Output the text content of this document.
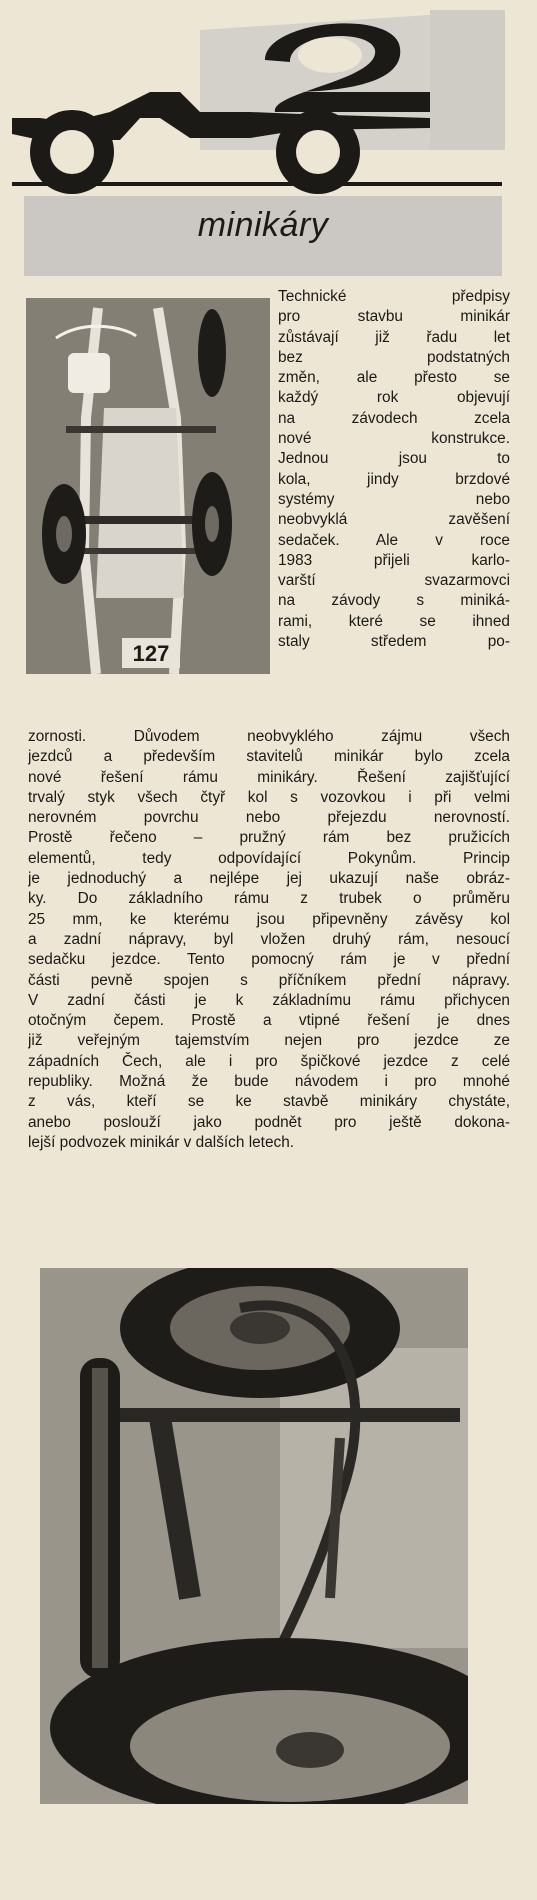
minikáry
127
Technické předpisy
pro stavbu minikár
zůstávají již řadu let
bez podstatných
změn, ale přesto se
každý rok objevují
na závodech zcela
nové konstrukce.
Jednou jsou to
kola, jindy brzdové
systémy nebo
neobvyklá zavěšení
sedaček. Ale v roce
1983 přijeli karlo-
varští svazarmovci
na závody s miniká-
rami, které se ihned
staly středem po-
zornosti. Důvodem neobvyklého zájmu všech
jezdců a především stavitelů minikár bylo zcela
nové řešení rámu minikáry. Řešení zajišťující
trvalý styk všech čtyř kol s vozovkou i při velmi
nerovném povrchu nebo přejezdu nerovností.
Prostě řečeno – pružný rám bez pružicích
elementů, tedy odpovídající Pokynům. Princip
je jednoduchý a nejlépe jej ukazují naše obráz-
ky. Do základního rámu z trubek o průměru
25 mm, ke kterému jsou připevněny závěsy kol
a zadní nápravy, byl vložen druhý rám, nesoucí
sedačku jezdce. Tento pomocný rám je v přední
části pevně spojen s příčníkem přední nápravy.
V zadní části je k základnímu rámu přichycen
otočným čepem. Prostě a vtipné řešení je dnes
již veřejným tajemstvím nejen pro jezdce ze
západních Čech, ale i pro špičkové jezdce z celé
republiky. Možná že bude návodem i pro mnohé
z vás, kteří se ke stavbě minikáry chystáte,
anebo poslouží jako podnět pro ještě dokona-
lejší podvozek minikár v dalších letech.
